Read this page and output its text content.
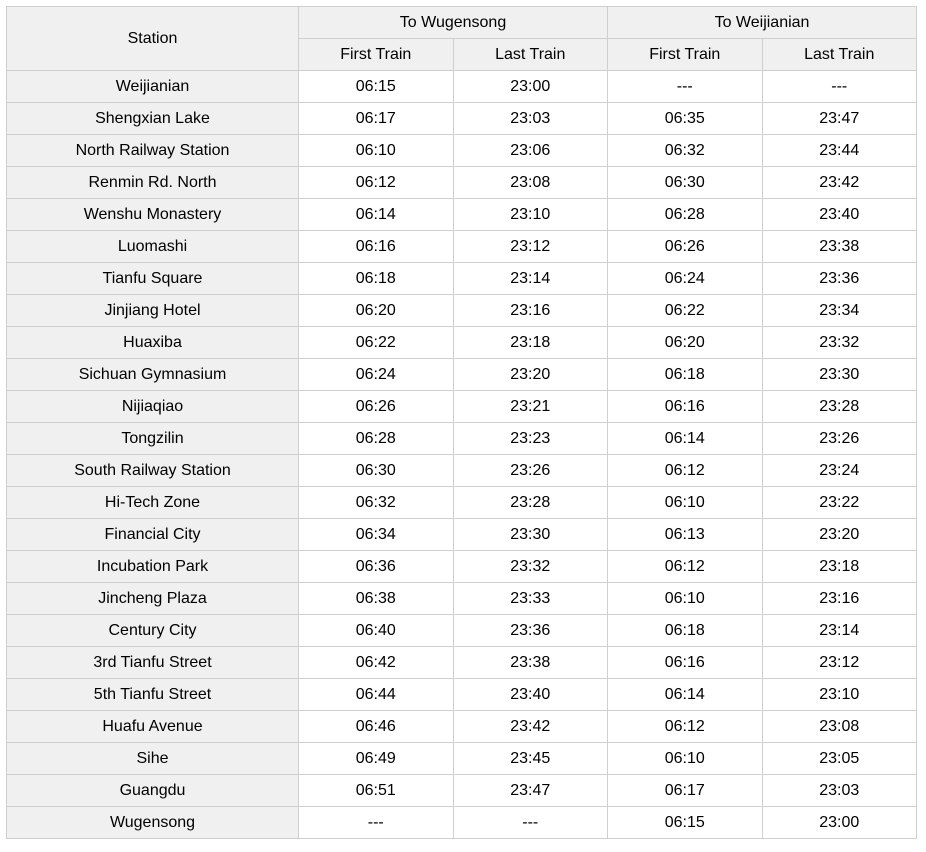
Station	To Wugensong		To Weijianian	
	First Train	Last Train	First Train	Last Train
Weijianian	06:15	23:00	---	---
Shengxian Lake	06:17	23:03	06:35	23:47
North Railway Station	06:10	23:06	06:32	23:44
Renmin Rd. North	06:12	23:08	06:30	23:42
Wenshu Monastery	06:14	23:10	06:28	23:40
Luomashi	06:16	23:12	06:26	23:38
Tianfu Square	06:18	23:14	06:24	23:36
Jinjiang Hotel	06:20	23:16	06:22	23:34
Huaxiba	06:22	23:18	06:20	23:32
Sichuan Gymnasium	06:24	23:20	06:18	23:30
Nijiaqiao	06:26	23:21	06:16	23:28
Tongzilin	06:28	23:23	06:14	23:26
South Railway Station	06:30	23:26	06:12	23:24
Hi-Tech Zone	06:32	23:28	06:10	23:22
Financial City	06:34	23:30	06:13	23:20
Incubation Park	06:36	23:32	06:12	23:18
Jincheng Plaza	06:38	23:33	06:10	23:16
Century City	06:40	23:36	06:18	23:14
3rd Tianfu Street	06:42	23:38	06:16	23:12
5th Tianfu Street	06:44	23:40	06:14	23:10
Huafu Avenue	06:46	23:42	06:12	23:08
Sihe	06:49	23:45	06:10	23:05
Guangdu	06:51	23:47	06:17	23:03
Wugensong	---	---	06:15	23:00
